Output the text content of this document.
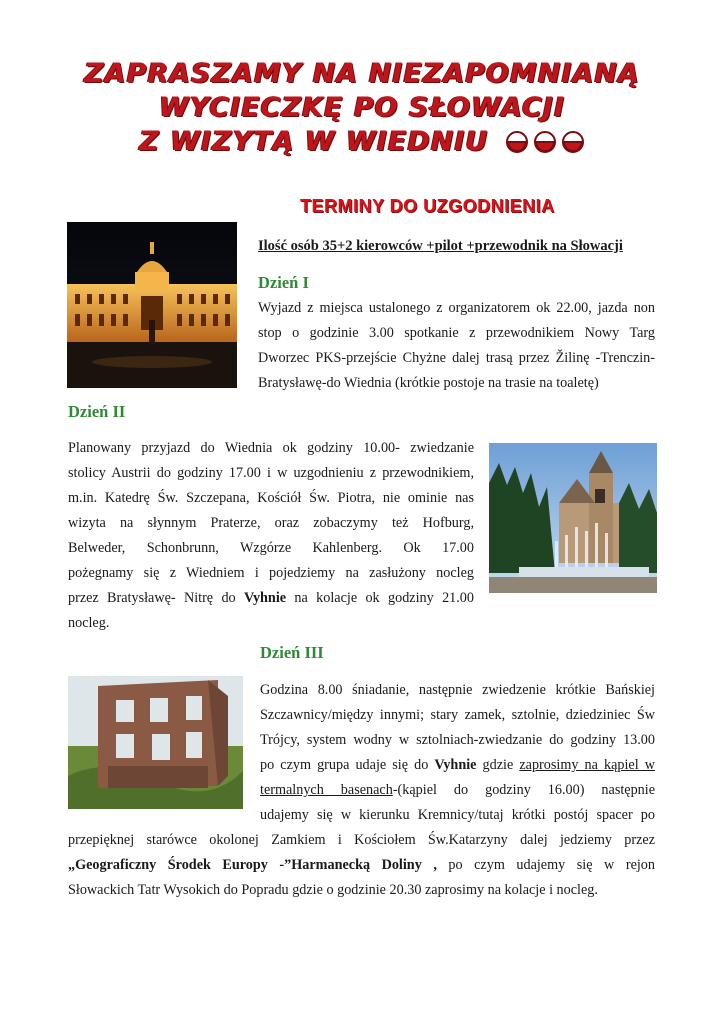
ZAPRASZAMY NA NIEZAPOMNIANĄ
WYCIECZKĘ PO SŁOWACJI
Z WIZYTĄ W WIEDNIU
TERMINY DO UZGODNIENIA
Ilość osób 35+2 kierowców +pilot +przewodnik na Słowacji
Dzień I
Wyjazd z miejsca ustalonego z organizatorem ok 22.00, jazda non
stop o godzinie 3.00 spotkanie z przewodnikiem Nowy Targ
Dworzec PKS-przejście Chyżne dalej trasą przez Žilinę -Trenczin-
Bratysławę-do Wiednia (krótkie postoje na trasie na toaletę)
Dzień II
Planowany przyjazd do Wiednia ok godziny 10.00- zwiedzanie
stolicy Austrii do godziny 17.00 i w uzgodnieniu z przewodnikiem,
m.in. Katedrę Św. Szczepana, Kościół Św. Piotra, nie ominie nas
wizyta na słynnym Praterze, oraz zobaczymy też Hofburg,
Belweder, Schonbrunn, Wzgórze Kahlenberg. Ok 17.00
pożegnamy się z Wiedniem i pojedziemy na zasłużony nocleg
przez Bratysławę- Nitrę do Vyhnie na kolacje ok godziny 21.00
nocleg.
Dzień III
Godzina 8.00 śniadanie, następnie zwiedzenie krótkie Bańskiej
Szczawnicy/między innymi; stary zamek, sztolnie, dziedziniec Św
Trójcy, system wodny w sztolniach-zwiedzanie do godziny 13.00
po czym grupa udaje się do Vyhnie gdzie zaprosimy na kąpiel w
termalnych basenach-(kąpiel do godziny 16.00) następnie
udajemy się w kierunku Kremnicy/tutaj krótki postój spacer po
przepięknej starówce okolonej Zamkiem i Kościołem Św.Katarzyny dalej jedziemy przez
„Geograficzny Środek Europy -”Harmanecką Doliny , po czym udajemy się w rejon
Słowackich Tatr Wysokich do Popradu gdzie o godzinie 20.30 zaprosimy na kolacje i nocleg.
